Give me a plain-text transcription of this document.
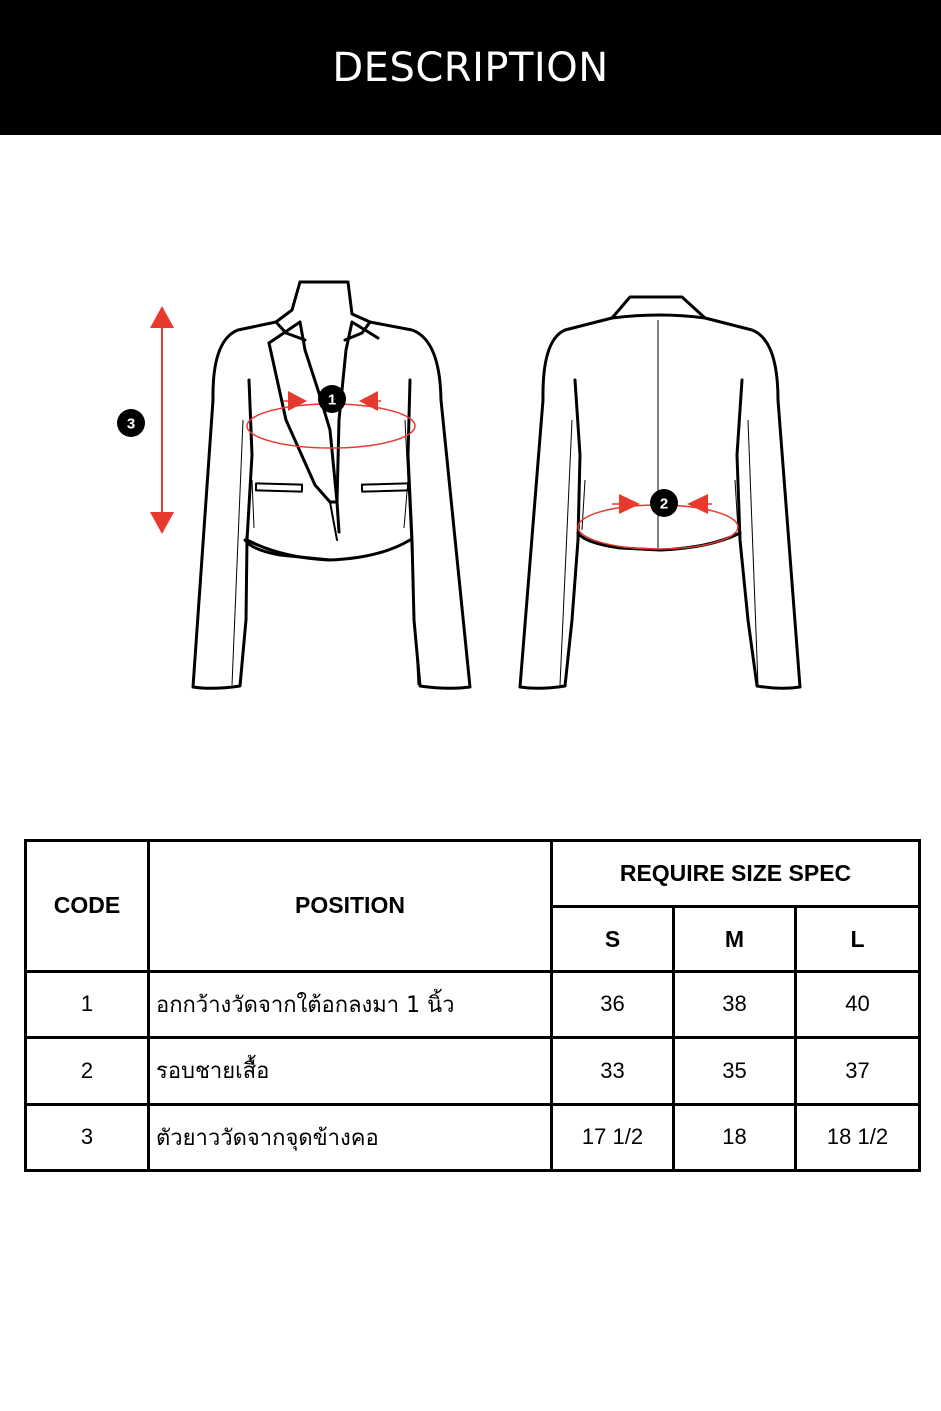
DESCRIPTION
1
2
3
CODE	POSITION	REQUIRE SIZE SPEC		
		S	M	L
1	อกกว้างวัดจากใต้อกลงมา 1 นิ้ว	36	38	40
2	รอบชายเสื้อ	33	35	37
3	ตัวยาววัดจากจุดข้างคอ	17 1/2	18	18 1/2
